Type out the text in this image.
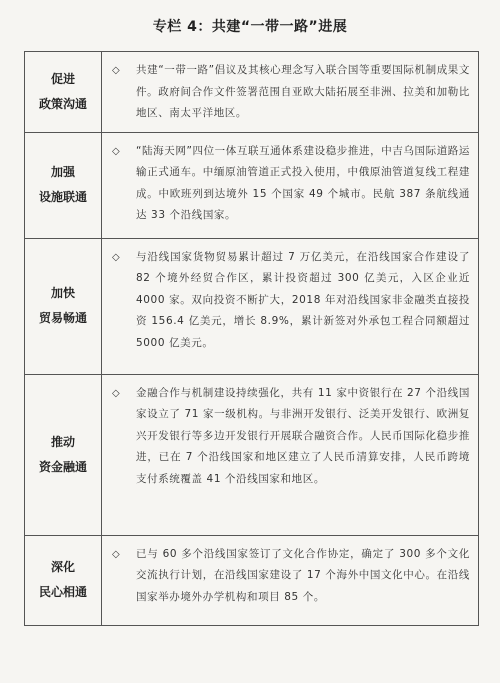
专栏 4：共建“一带一路”进展
促进
政策沟通	◇ 共建“一带一路”倡议及其核心理念写入联合国等重要国际机制成果文件。政府间合作文件签署范围自亚欧大陆拓展至非洲、拉美和加勒比地区、南太平洋地区。

加强
设施联通	◇ “陆海天网”四位一体互联互通体系建设稳步推进，中吉乌国际道路运输正式通车。中缅原油管道正式投入使用，中俄原油管道复线工程建成。中欧班列到达境外 15 个国家 49 个城市。民航 387 条航线通达 33 个沿线国家。

加快
贸易畅通	◇ 与沿线国家货物贸易累计超过 7 万亿美元，在沿线国家合作建设了 82 个境外经贸合作区，累计投资超过 300 亿美元，入区企业近 4000 家。双向投资不断扩大，2018 年对沿线国家非金融类直接投资 156.4 亿美元，增长 8.9%，累计新签对外承包工程合同额超过 5000 亿美元。

推动
资金融通	◇ 金融合作与机制建设持续强化，共有 11 家中资银行在 27 个沿线国家设立了 71 家一级机构。与非洲开发银行、泛美开发银行、欧洲复兴开发银行等多边开发银行开展联合融资合作。人民币国际化稳步推进，已在 7 个沿线国家和地区建立了人民币清算安排，人民币跨境支付系统覆盖 41 个沿线国家和地区。

深化
民心相通	◇ 已与 60 多个沿线国家签订了文化合作协定，确定了 300 多个文化交流执行计划，在沿线国家建设了 17 个海外中国文化中心。在沿线国家举办境外办学机构和项目 85 个。
